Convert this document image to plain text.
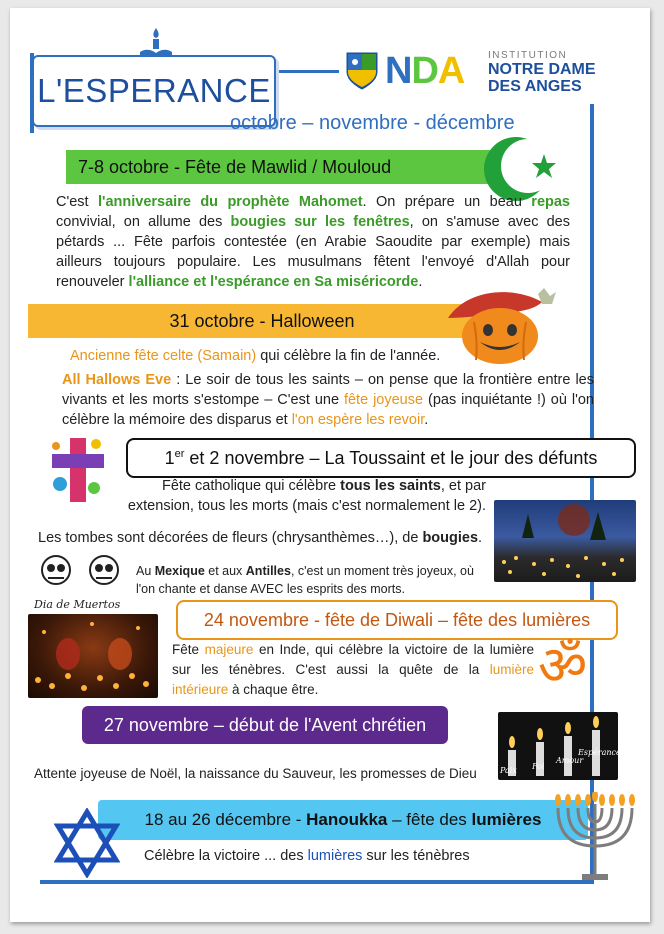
L'ESPERANCE
octobre – novembre - décembre
NDA INSTITUTION
NOTRE DAME
DES ANGES
7-8 octobre - Fête de Mawlid / Mouloud
C'est l'anniversaire du prophète Mahomet. On prépare un beau repas convivial, on allume des bougies sur les fenêtres, on s'amuse avec des pétards ... Fête parfois contestée (en Arabie Saoudite par exemple) mais ailleurs toujours populaire. Les musulmans fêtent l'envoyé d'Allah pour renouveler l'alliance et l'espérance en Sa miséricorde.
31 octobre - Halloween
Ancienne fête celte (Samain) qui célèbre la fin de l'année.
All Hallows Eve : Le soir de tous les saints – on pense que la frontière entre les vivants et les morts s'estompe – C'est une fête joyeuse (pas inquiétante !) où l'on célèbre la mémoire des disparus et l'on espère les revoir.
1er et 2 novembre – La Toussaint et le jour des défunts
Fête catholique qui célèbre tous les saints, et par extension, tous les morts (mais c'est normalement le 2).
Les tombes sont décorées de fleurs (chrysanthèmes…), de bougies.
Dia de Muertos
Au Mexique et aux Antilles, c'est un moment très joyeux, où l'on chante et danse AVEC les esprits des morts.
24 novembre - fête de Diwali – fête des lumières
Fête majeure en Inde, qui célèbre la victoire de la lumière sur les ténèbres. C'est aussi la quête de la lumière intérieure à chaque être.	ॐ
27 novembre – début de l'Avent chrétien
Paix Foi
Amour
Espérance
Attente joyeuse de Noël, la naissance du Sauveur, les promesses de Dieu
18 au 26 décembre - Hanoukka – fête des lumières
Célèbre la victoire ... des lumières sur les ténèbres
